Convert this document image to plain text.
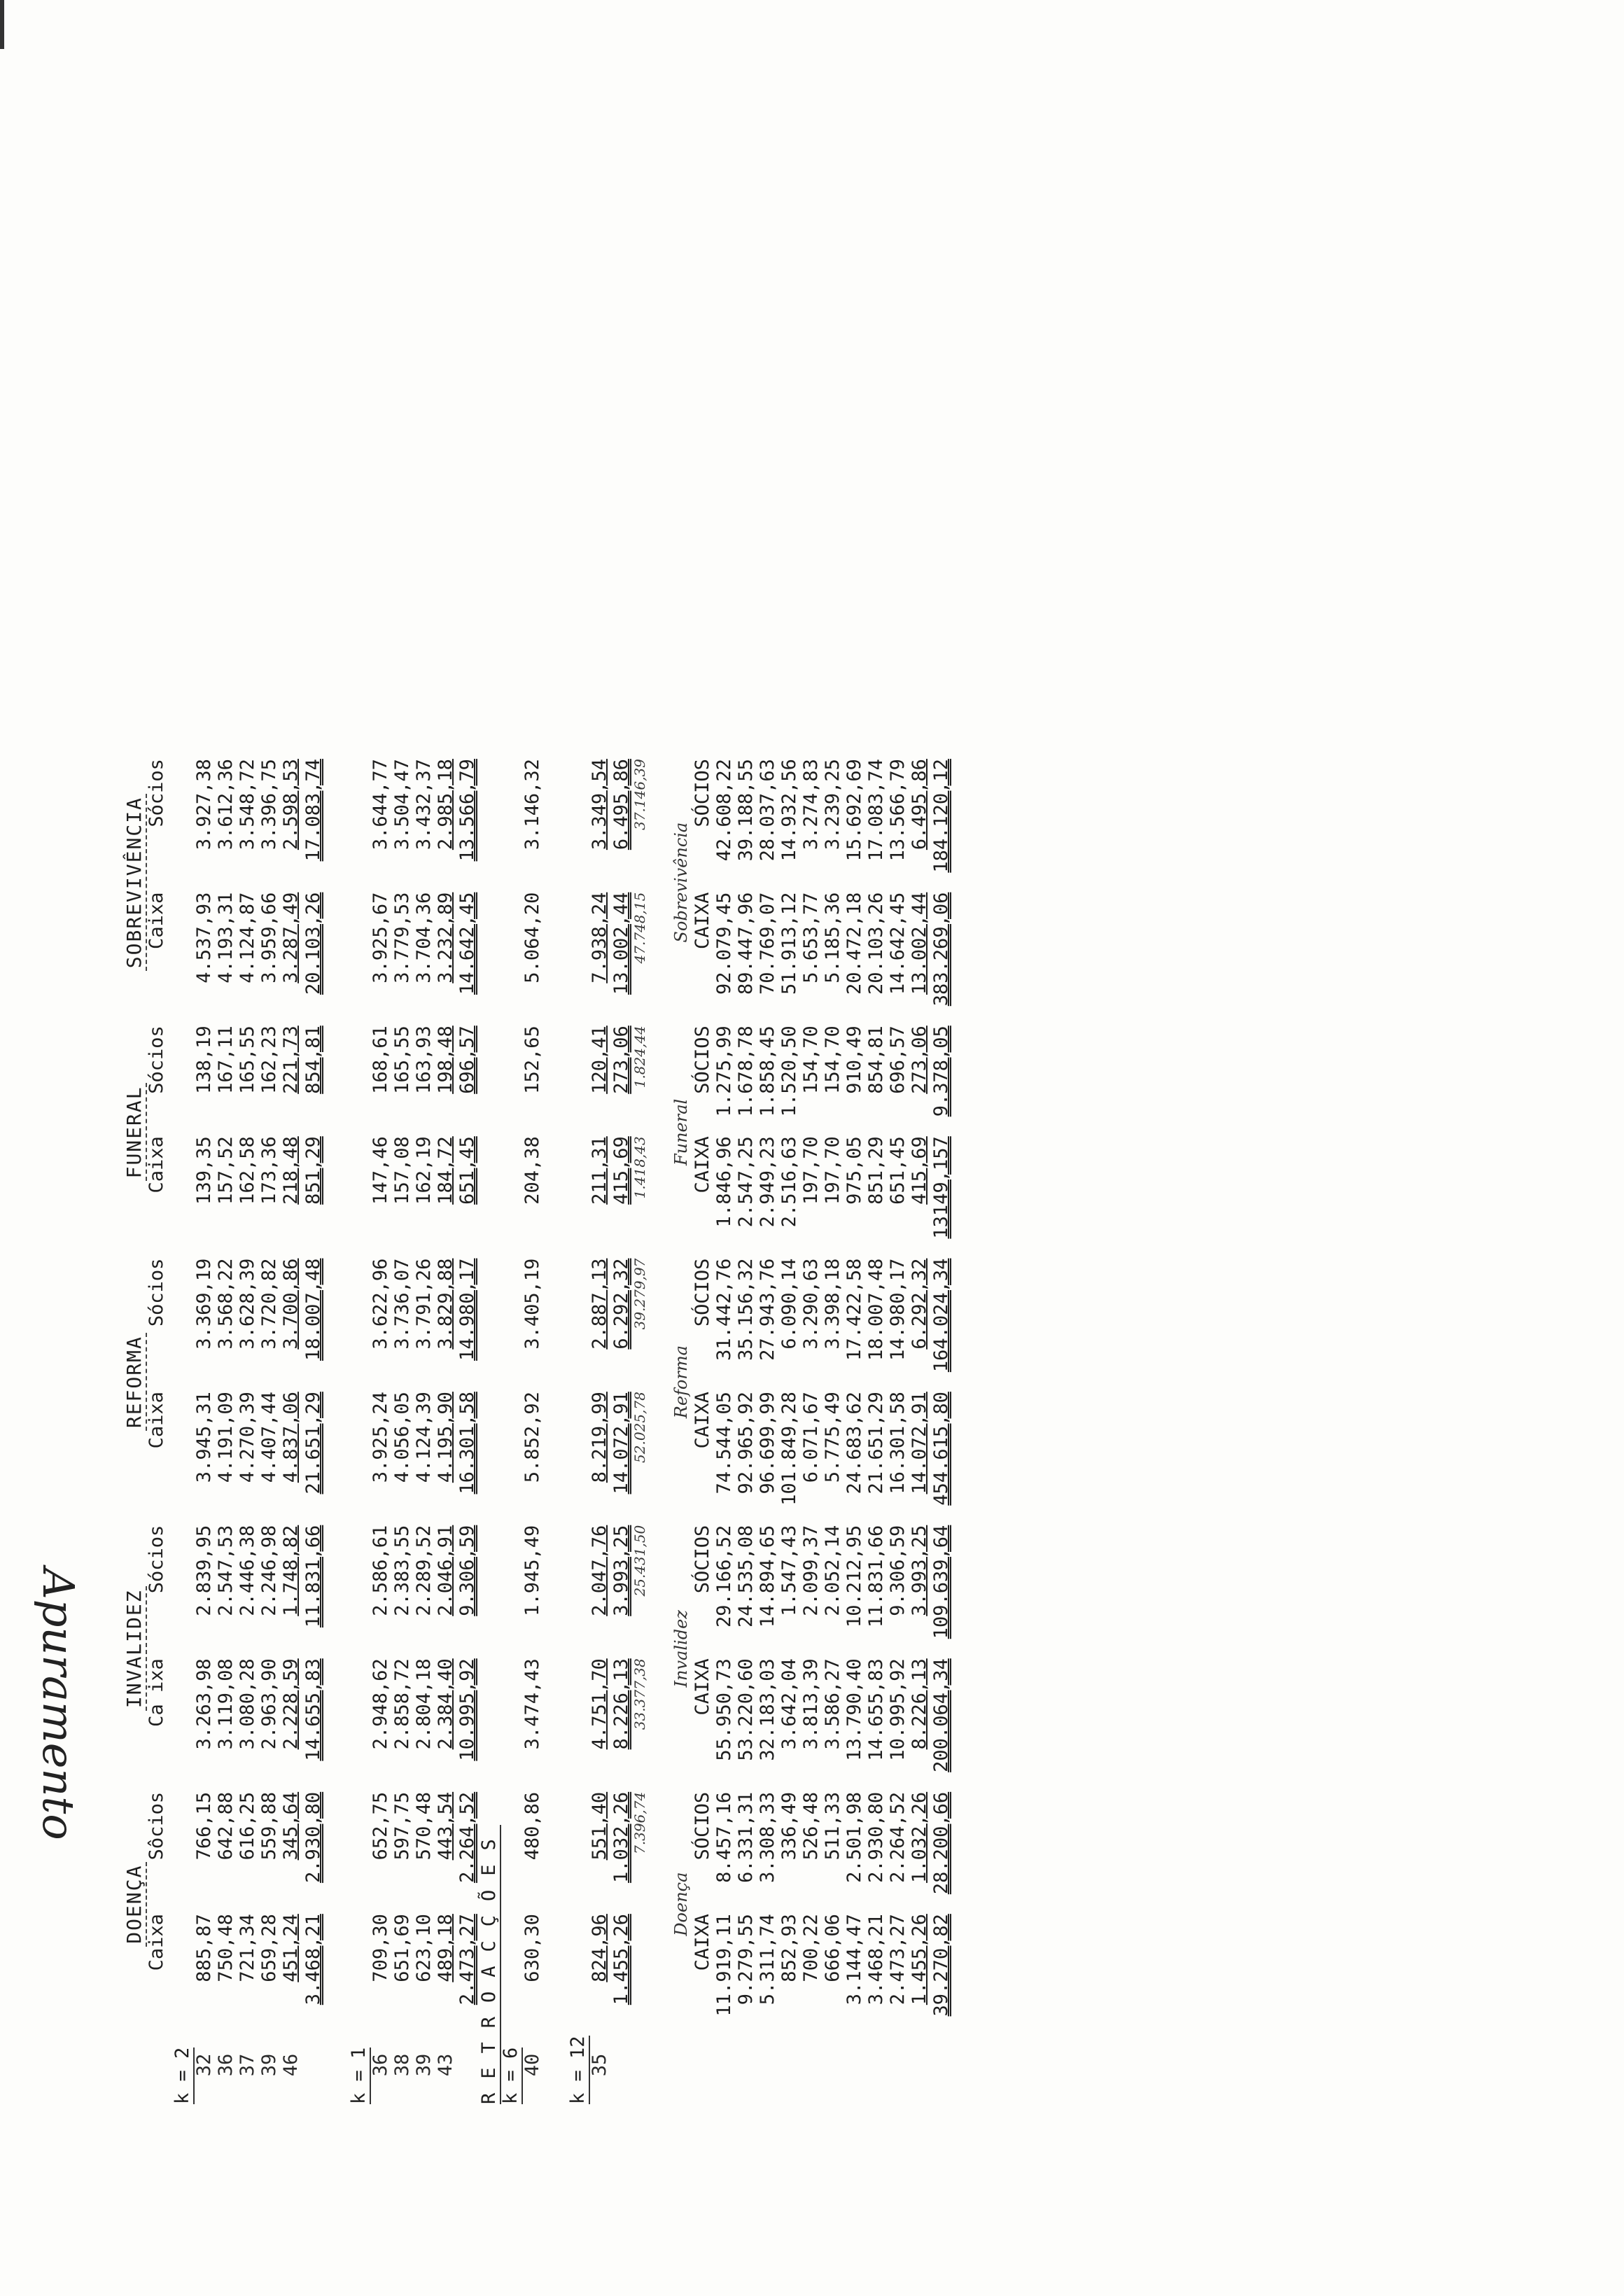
		DOENÇA		INVALIDEZ		REFORMA		FUNERAL		SOBREVIVÊNCIA	
		Caixa	Sôcios	Ca ixa	Sócios	Caixa	Sócios	Caixa	Sócios	Caixa	Sócios
k = 2											
	32	885,87	766,15	3.263,98	2.839,95	3.945,31	3.369,19	139,35	138,19	4.537,93	3.927,38
	36	750,48	642,88	3.119,08	2.547,53	4.191,09	3.568,22	157,52	167,11	4.193,31	3.612,36
	37	721,34	616,25	3.080,28	2.446,38	4.270,39	3.628,39	162,58	165,55	4.124,87	3.548,72
	39	659,28	559,88	2.963,90	2.246,98	4.407,44	3.720,82	173,36	162,23	3.959,66	3.396,75
	46	451,24	345,64	2.228,59	1.748,82	4.837,06	3.700,86	218,48	221,73	3.287,49	2.598,53
		3.468,21	2.930,80	14.655,83	11.831,66	21.651,29	18.007,48	851,29	854,81	20.103,26	17.083,74

k = 1											
	36	709,30	652,75	2.948,62	2.586,61	3.925,24	3.622,96	147,46	168,61	3.925,67	3.644,77
	38	651,69	597,75	2.858,72	2.383,55	4.056,05	3.736,07	157,08	165,55	3.779,53	3.504,47
	39	623,10	570,48	2.804,18	2.289,52	4.124,39	3.791,26	162,19	163,93	3.704,36	3.432,37
	43	489,18	443,54	2.384,40	2.046,91	4.195,90	3.829,88	184,72	198,48	3.232,89	2.985,18
		2.473,27	2.264,52	10.995,92	9.306,59	16.301,58	14.980,17	651,45	696,57	14.642,45	13.566,79
RETROACÇÕES											
k = 6											
	40	630,30	480,86	3.474,43	1.945,49	5.852,92	3.405,19	204,38	152,65	5.064,20	3.146,32

k = 12											
	35	824,96	551,40	4.751,70	2.047,76	8.219,99	2.887,13	211,31	120,41	7.938,24	3.349,54
		1.455,26	1.032,26	8.226,13	3.993,25	14.072,91	6.292,32	415,69	273,06	13.002,44	6.495,86
			7.396,74	33.377,38	25.431,50	52.025,78	39.279,97	1.418,43	1.824,44	47.748,15	37.146,39

		Doença		Invalidez		Reforma		Funeral		Sobrevivência	
		CAIXA	SÓCIOS	CAIXA	SÓCIOS	CAIXA	SÓCIOS	CAIXA	SÓCIOS	CAIXA	SÓCIOS
		11.919,11	8.457,16	55.950,73	29.166,52	74.544,05	31.442,76	1.846,96	1.275,99	92.079,45	42.608,22
		9.279,55	6.331,31	53.220,60	24.535,08	92.965,92	35.156,32	2.547,25	1.678,78	89.447,96	39.188,55
		5.311,74	3.308,33	32.183,03	14.894,65	96.699,99	27.943,76	2.949,23	1.858,45	70.769,07	28.037,63
		852,93	336,49	3.642,04	1.547,43	101.849,28	6.090,14	2.516,63	1.520,50	51.913,12	14.932,56
		700,22	526,48	3.813,39	2.099,37	6.071,67	3.290,63	197,70	154,70	5.653,77	3.274,83
		666,06	511,33	3.586,27	2.052,14	5.775,49	3.398,18	197,70	154,70	5.185,36	3.239,25
		3.144,47	2.501,98	13.790,40	10.212,95	24.683,62	17.422,58	975,05	910,49	20.472,18	15.692,69
		3.468,21	2.930,80	14.655,83	11.831,66	21.651,29	18.007,48	851,29	854,81	20.103,26	17.083,74
		2.473,27	2.264,52	10.995,92	9.306,59	16.301,58	14.980,17	651,45	696,57	14.642,45	13.566,79
		1.455,26	1.032,26	8.226,13	3.993,25	14.072,91	6.292,32	415,69	273,06	13.002,44	6.495,86
		39.270,82	28.200,66	200.064,34	109.639,64	454.615,80	164.024,34	13149,157	9.378,05	383.269,06	184.120,12
Apuramento
